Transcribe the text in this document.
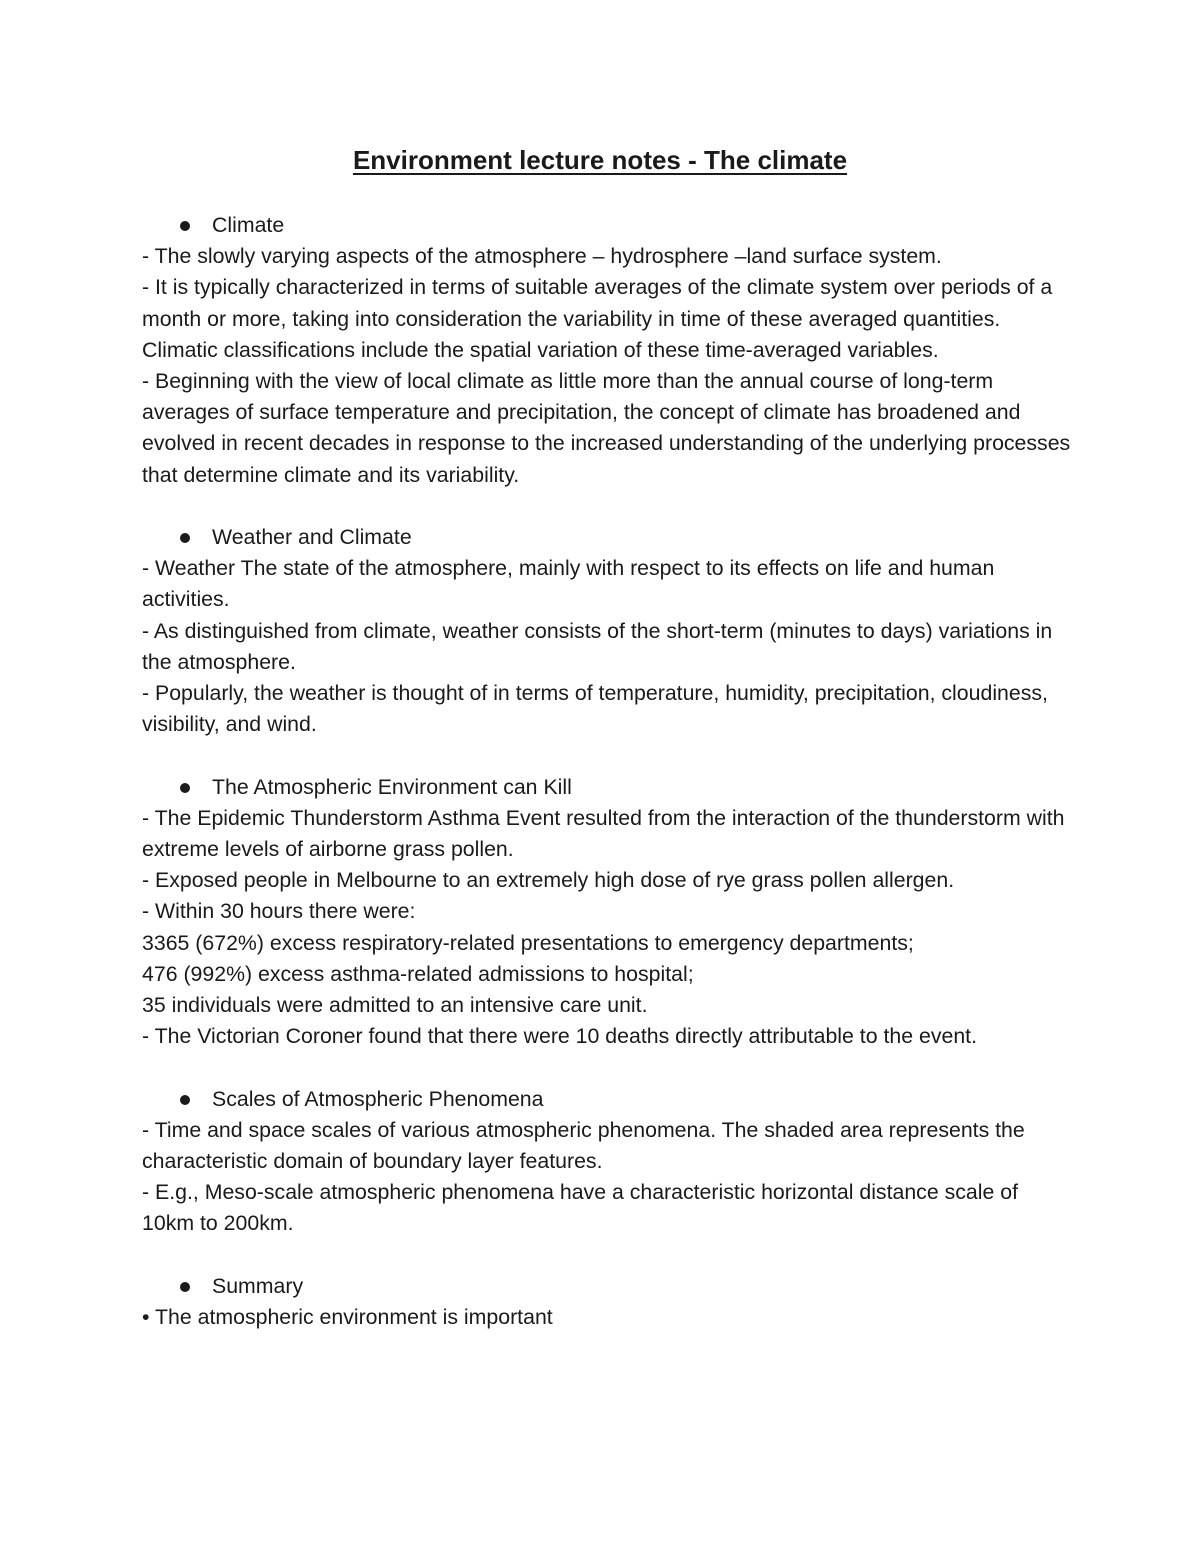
Environment lecture notes - The climate
Climate

- The slowly varying aspects of the atmosphere – hydrosphere –land surface system.

- It is typically characterized in terms of suitable averages of the climate system over periods of a month or more, taking into consideration the variability in time of these averaged quantities. Climatic classifications include the spatial variation of these time-averaged variables.

- Beginning with the view of local climate as little more than the annual course of long-term averages of surface temperature and precipitation, the concept of climate has broadened and evolved in recent decades in response to the increased understanding of the underlying processes that determine climate and its variability.

Weather and Climate

- Weather The state of the atmosphere, mainly with respect to its effects on life and human activities.

- As distinguished from climate, weather consists of the short-term (minutes to days) variations in the atmosphere.

- Popularly, the weather is thought of in terms of temperature, humidity, precipitation, cloudiness, visibility, and wind.

The Atmospheric Environment can Kill

- The Epidemic Thunderstorm Asthma Event resulted from the interaction of the thunderstorm with extreme levels of airborne grass pollen.

- Exposed people in Melbourne to an extremely high dose of rye grass pollen allergen.

- Within 30 hours there were:

3365 (672%) excess respiratory-related presentations to emergency departments;

476 (992%) excess asthma-related admissions to hospital;

35 individuals were admitted to an intensive care unit.

- The Victorian Coroner found that there were 10 deaths directly attributable to the event.

Scales of Atmospheric Phenomena

- Time and space scales of various atmospheric phenomena. The shaded area represents the characteristic domain of boundary layer features.

- E.g., Meso-scale atmospheric phenomena have a characteristic horizontal distance scale of 10km to 200km.

Summary

• The atmospheric environment is important
